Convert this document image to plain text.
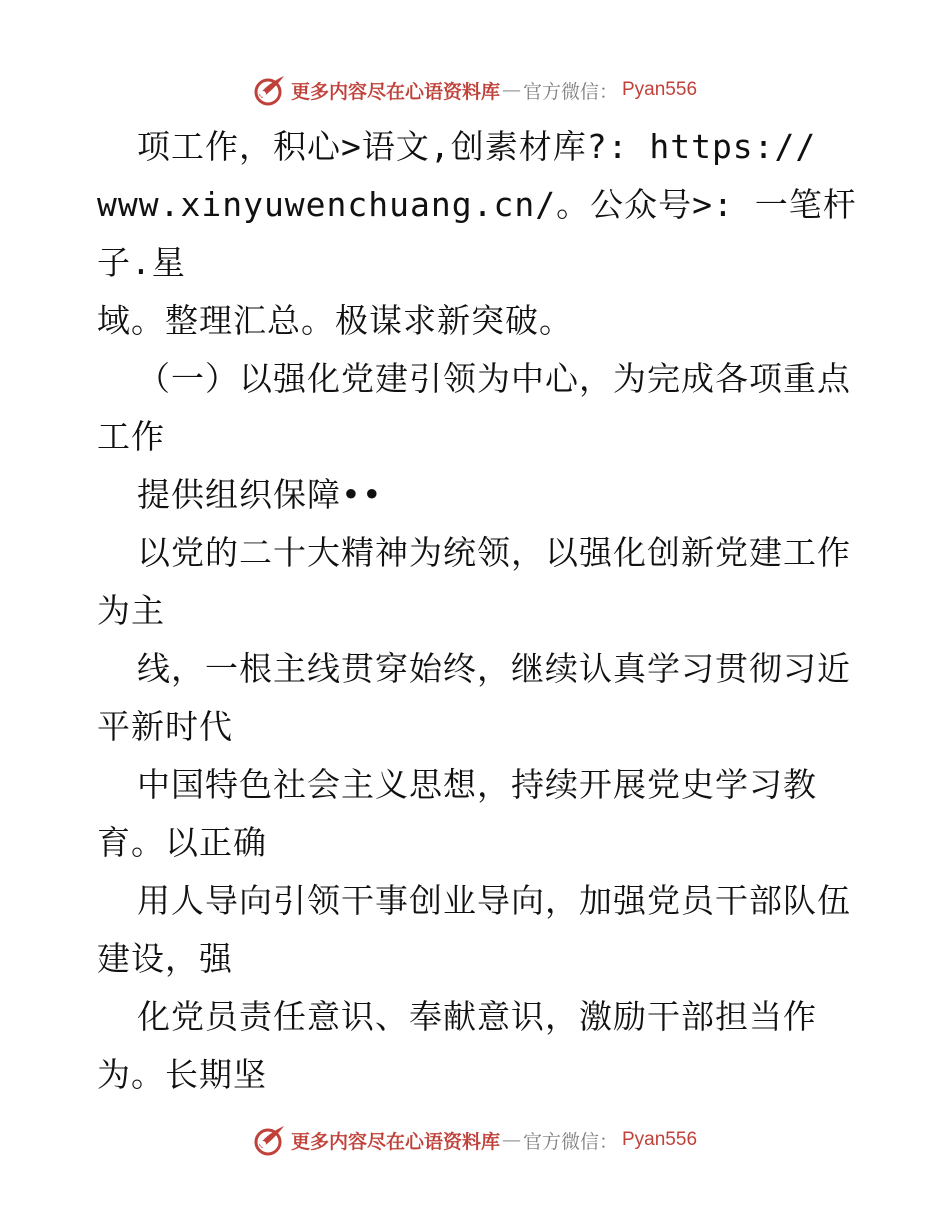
更多内容尽在心语资料库 — 官方微信： Pyan556

项工作，积心>语文,创素材库?: https://

www.xinyuwenchuang.cn/。公众号>: 一笔杆子.星

域。整理汇总。极谋求新突破。

（一）以强化党建引领为中心，为完成各项重点

工作

提供组织保障••

以党的二十大精神为统领，以强化创新党建工作

为主

线，一根主线贯穿始终，继续认真学习贯彻习近

平新时代

中国特色社会主义思想，持续开展党史学习教

育。以正确

用人导向引领干事创业导向，加强党员干部队伍

建设，强

化党员责任意识、奉献意识，激励干部担当作

为。长期坚

更多内容尽在心语资料库 — 官方微信： Pyan556
